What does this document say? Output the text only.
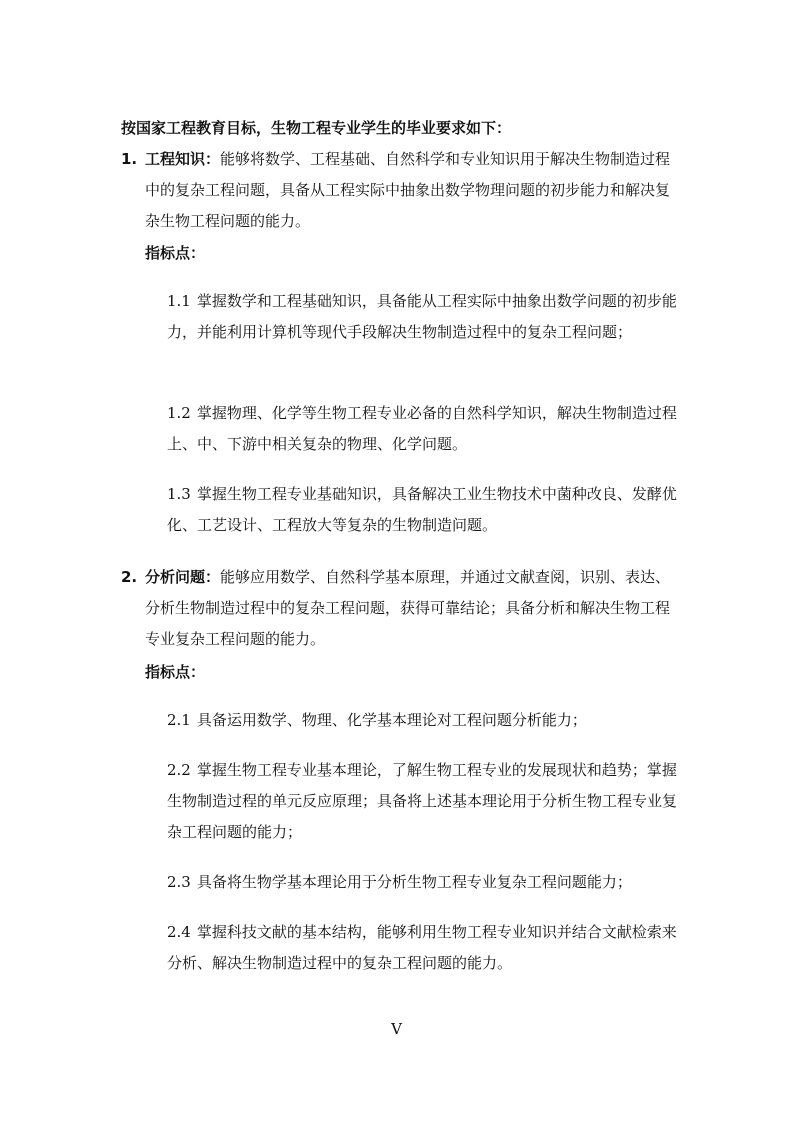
按国家工程教育目标，生物工程专业学生的毕业要求如下：
1. 工程知识：能够将数学、工程基础、自然科学和专业知识用于解决生物制造过程中的复杂工程问题，具备从工程实际中抽象出数学物理问题的初步能力和解决复杂生物工程问题的能力。
指标点：
1.1 掌握数学和工程基础知识，具备能从工程实际中抽象出数学问题的初步能力，并能利用计算机等现代手段解决生物制造过程中的复杂工程问题；
1.2 掌握物理、化学等生物工程专业必备的自然科学知识，解决生物制造过程上、中、下游中相关复杂的物理、化学问题。
1.3 掌握生物工程专业基础知识，具备解决工业生物技术中菌种改良、发酵优化、工艺设计、工程放大等复杂的生物制造问题。
2. 分析问题：能够应用数学、自然科学基本原理，并通过文献查阅，识别、表达、分析生物制造过程中的复杂工程问题，获得可靠结论；具备分析和解决生物工程专业复杂工程问题的能力。
指标点：
2.1 具备运用数学、物理、化学基本理论对工程问题分析能力；
2.2 掌握生物工程专业基本理论，了解生物工程专业的发展现状和趋势；掌握生物制造过程的单元反应原理；具备将上述基本理论用于分析生物工程专业复杂工程问题的能力；
2.3 具备将生物学基本理论用于分析生物工程专业复杂工程问题能力；
2.4 掌握科技文献的基本结构，能够利用生物工程专业知识并结合文献检索来分析、解决生物制造过程中的复杂工程问题的能力。
V
